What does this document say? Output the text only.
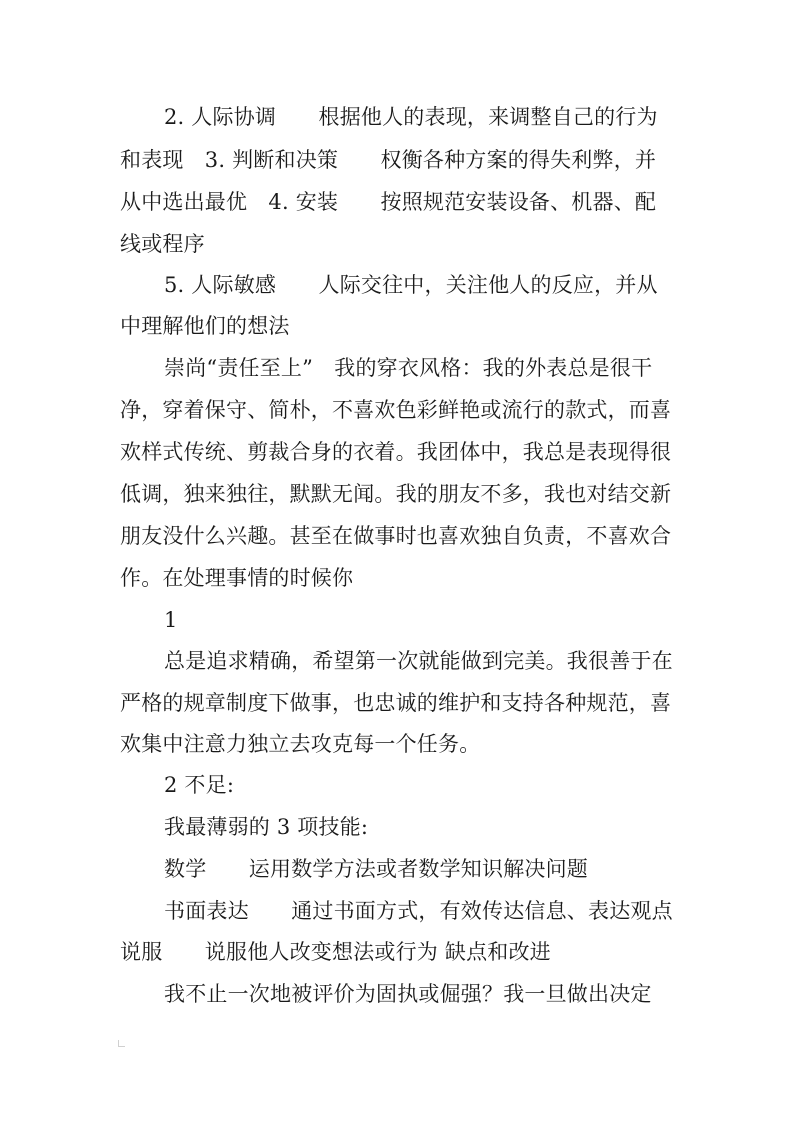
2. 人际协调　　根据他人的表现，来调整自己的行为
和表现　3. 判断和决策　　权衡各种方案的得失利弊，并
从中选出最优　4. 安装　　按照规范安装设备、机器、配
线或程序
5. 人际敏感　　人际交往中，关注他人的反应，并从
中理解他们的想法
崇尚“责任至上”　我的穿衣风格：我的外表总是很干
净，穿着保守、简朴，不喜欢色彩鲜艳或流行的款式，而喜
欢样式传统、剪裁合身的衣着。我团体中，我总是表现得很
低调，独来独往，默默无闻。我的朋友不多，我也对结交新
朋友没什么兴趣。甚至在做事时也喜欢独自负责，不喜欢合
作。在处理事情的时候你
1
总是追求精确，希望第一次就能做到完美。我很善于在
严格的规章制度下做事，也忠诚的维护和支持各种规范，喜
欢集中注意力独立去攻克每一个任务。
2 不足:
我最薄弱的 3 项技能:
数学　　运用数学方法或者数学知识解决问题
书面表达　　通过书面方式，有效传达信息、表达观点
说服　　说服他人改变想法或行为 缺点和改进
我不止一次地被评价为固执或倔强？我一旦做出决定
